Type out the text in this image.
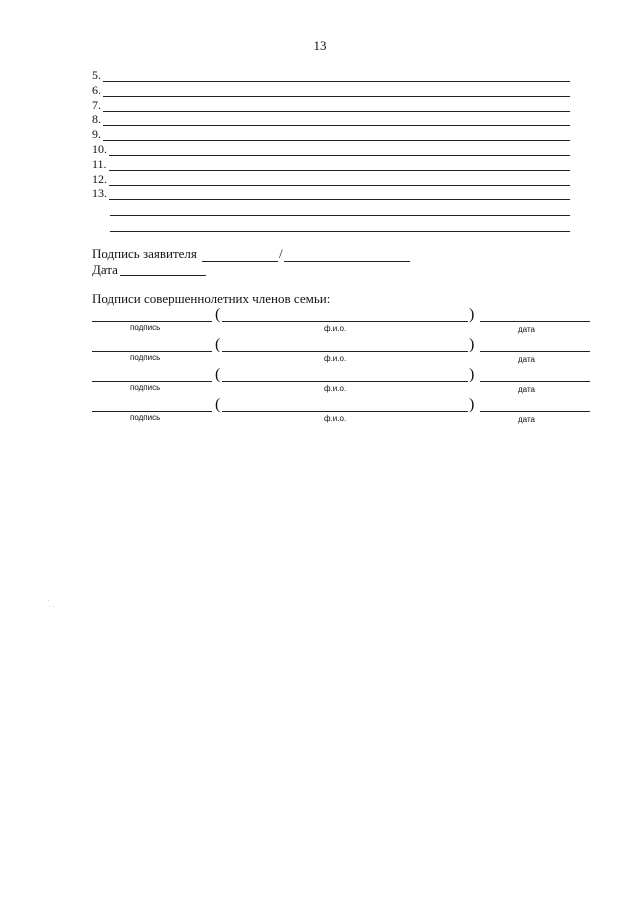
13
5.
6.
7.
8.
9.
10.
11.
12.
13.
Подпись заявителя	/
Дата
Подписи совершеннолетних членов семьи:
(	)
подпись	ф.и.о.	дата
(	)
подпись	ф.и.о.	дата
(	)
подпись	ф.и.о.	дата
(	)
подпись	ф.и.о.	дата
.
.  .
